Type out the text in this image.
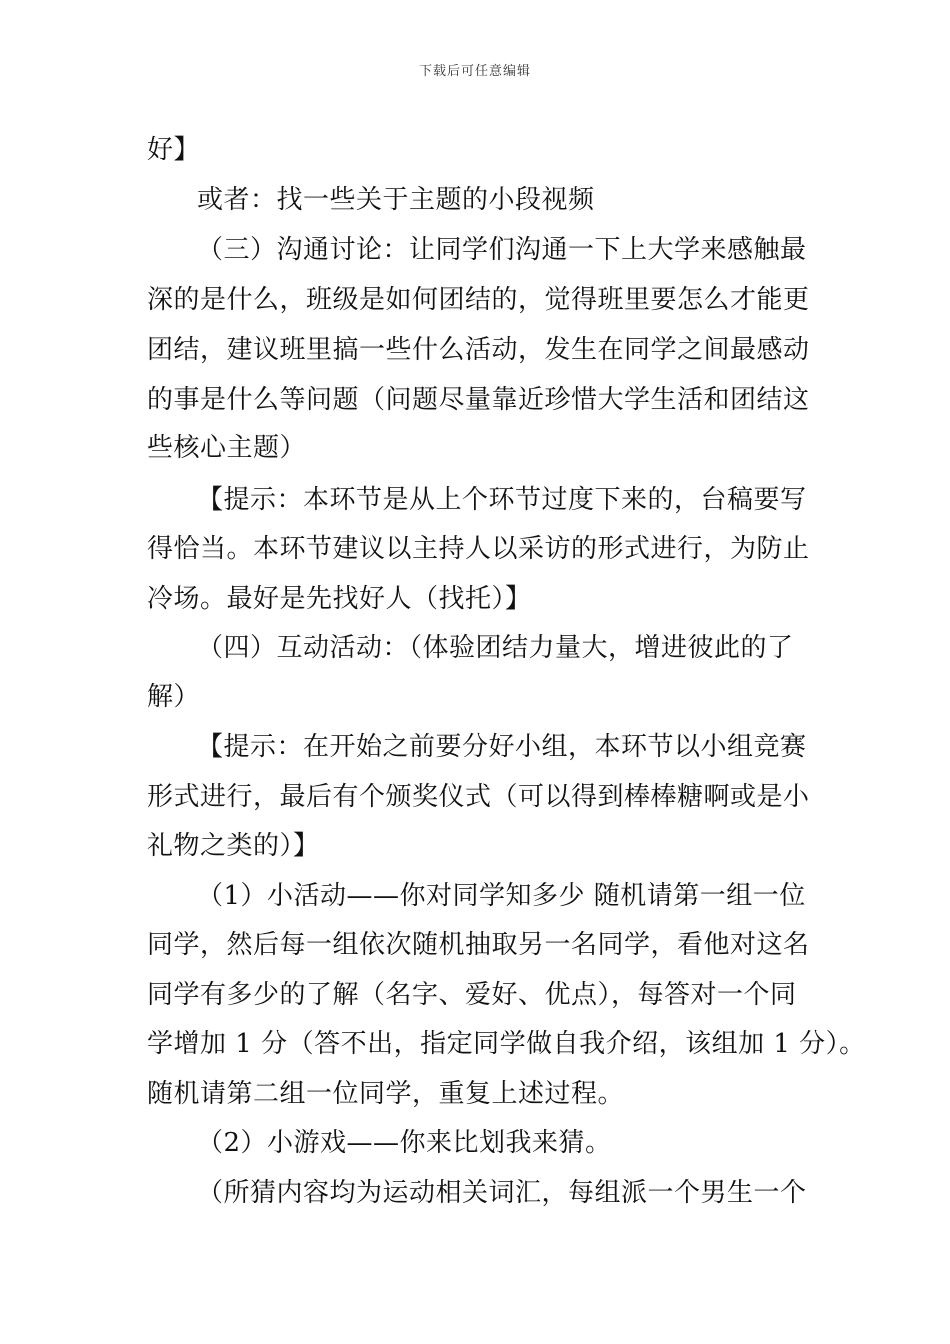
下载后可任意编辑
好】
或者：找一些关于主题的小段视频
（三）沟通讨论：让同学们沟通一下上大学来感触最
深的是什么，班级是如何团结的，觉得班里要怎么才能更
团结，建议班里搞一些什么活动，发生在同学之间最感动
的事是什么等问题（问题尽量靠近珍惜大学生活和团结这
些核心主题）
【提示：本环节是从上个环节过度下来的，台稿要写
得恰当。本环节建议以主持人以采访的形式进行，为防止
冷场。最好是先找好人（找托）】
（四）互动活动：（体验团结力量大，增进彼此的了
解）
【提示：在开始之前要分好小组，本环节以小组竞赛
形式进行，最后有个颁奖仪式（可以得到棒棒糖啊或是小
礼物之类的）】
（1）小活动——你对同学知多少 随机请第一组一位
同学，然后每一组依次随机抽取另一名同学，看他对这名
同学有多少的了解（名字、爱好、优点），每答对一个同
学增加 1 分（答不出，指定同学做自我介绍，该组加 1 分）。
随机请第二组一位同学，重复上述过程。
（2）小游戏——你来比划我来猜。
（所猜内容均为运动相关词汇，每组派一个男生一个
